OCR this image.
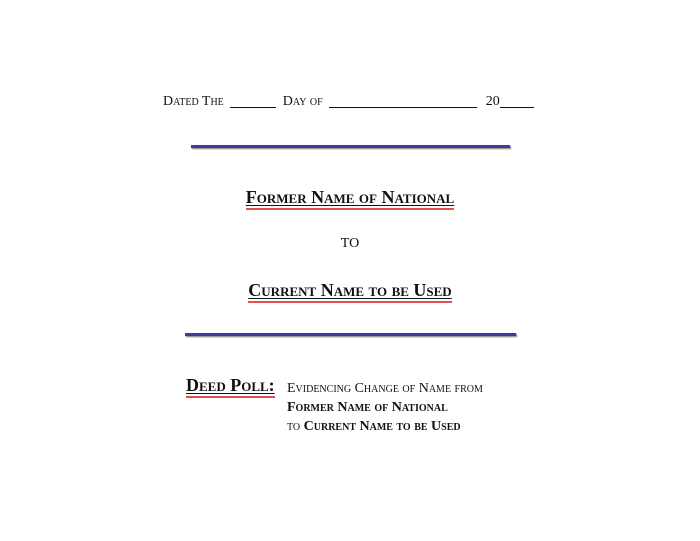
Dated The	Day of	20
Former Name of National
TO
Current Name to be Used
Deed Poll: Evidencing Change of Name from
Former Name of National
to Current Name to be Used
